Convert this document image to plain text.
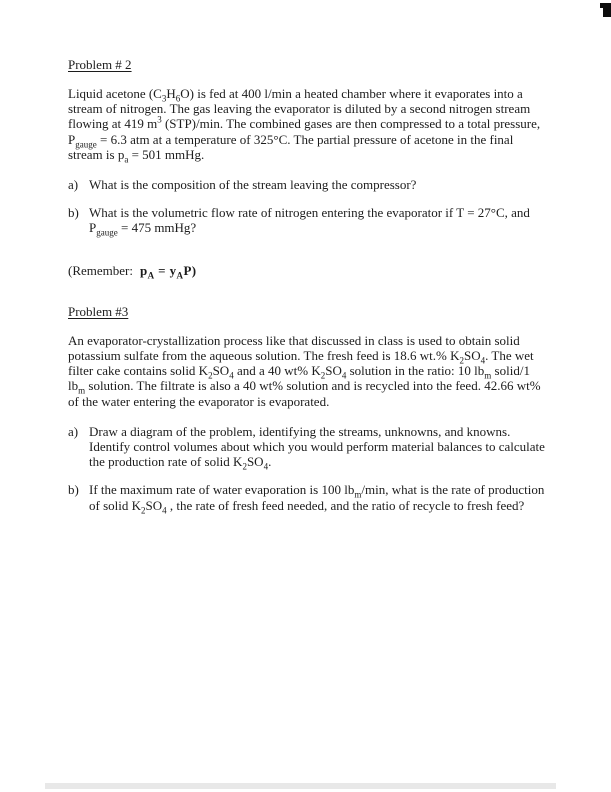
Problem # 2

Liquid acetone $(C_3H_6O)$ is fed at 400 l/min a heated chamber where it evaporates into a stream of nitrogen. The gas leaving the evaporator is diluted by a second nitrogen stream flowing at 419 $m^3$ (STP)/min. The combined gases are then compressed to a total pressure, $P_{gauge} = 6.3$ atm at a temperature of 325°C. The partial pressure of acetone in the final stream is $p_a = 501$ mmHg.

a) What is the composition of the stream leaving the compressor?
b) What is the volumetric flow rate of nitrogen entering the evaporator if T = 27°C, and $P_{gauge} = 475$ mmHg?

(Remember: $p_A = y_AP$)

Problem #3

An evaporator-crystallization process like that discussed in class is used to obtain solid potassium sulfate from the aqueous solution. The fresh feed is 18.6 wt.% $K_2SO_4$. The wet filter cake contains solid $K_2SO_4$ and a 40 wt% $K_2SO_4$ solution in the ratio: 10 $lb_m$ solid/1 $lb_m$ solution. The filtrate is also a 40 wt% solution and is recycled into the feed. 42.66 wt% of the water entering the evaporator is evaporated.

a) Draw a diagram of the problem, identifying the streams, unknowns, and knowns. Identify control volumes about which you would perform material balances to calculate the production rate of solid $K_2SO_4$.
b) If the maximum rate of water evaporation is 100 $lb_m/\min$, what is the rate of production of solid $K_2SO_4$ , the rate of fresh feed needed, and the ratio of recycle to fresh feed?
